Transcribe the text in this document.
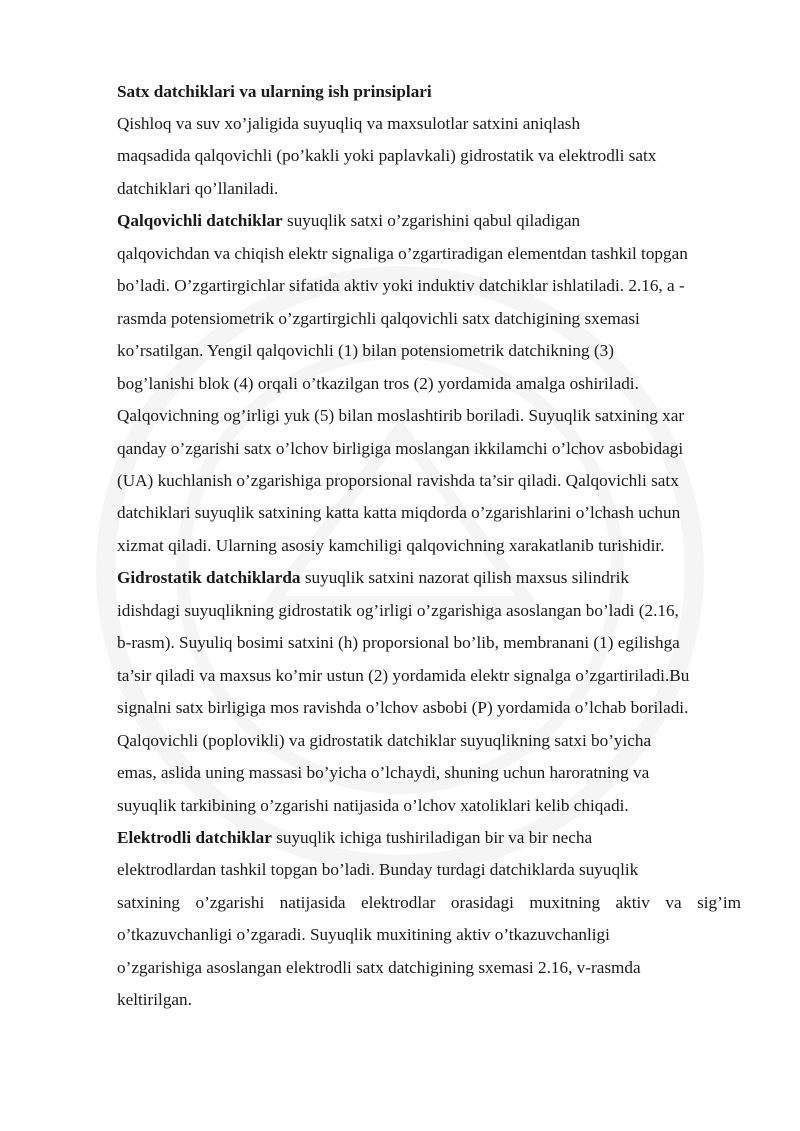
Satx datchiklari va ularning ish prinsiplari
Qishloq va suv xo’jaligida suyuqliq va maxsulotlar satxini aniqlash
maqsadida qalqovichli (po’kakli yoki paplavkali) gidrostatik va elektrodli satx
datchiklari qo’llaniladi.
Qalqovichli datchiklar suyuqlik satxi o’zgarishini qabul qiladigan
qalqovichdan va chiqish elektr signaliga o’zgartiradigan elementdan tashkil topgan
bo’ladi. O’zgartirgichlar sifatida aktiv yoki induktiv datchiklar ishlatiladi. 2.16, a -
rasmda potensiometrik o’zgartirgichli qalqovichli satx datchigining sxemasi
ko’rsatilgan. Yengil qalqovichli (1) bilan potensiometrik datchikning (3)
bog’lanishi blok (4) orqali o’tkazilgan tros (2) yordamida amalga oshiriladi.
Qalqovichning og’irligi yuk (5) bilan moslashtirib boriladi. Suyuqlik satxining xar
qanday o’zgarishi satx o’lchov birligiga moslangan ikkilamchi o’lchov asbobidagi
(UA) kuchlanish o’zgarishiga proporsional ravishda ta’sir qiladi. Qalqovichli satx
datchiklari suyuqlik satxining katta katta miqdorda o’zgarishlarini o’lchash uchun
xizmat qiladi. Ularning asosiy kamchiligi qalqovichning xarakatlanib turishidir.
Gidrostatik datchiklarda suyuqlik satxini nazorat qilish maxsus silindrik
idishdagi suyuqlikning gidrostatik og’irligi o’zgarishiga asoslangan bo’ladi (2.16,
b-rasm). Suyuliq bosimi satxini (h) proporsional bo’lib, membranani (1) egilishga
ta’sir qiladi va maxsus ko’mir ustun (2) yordamida elektr signalga o’zgartiriladi.Bu
signalni satx birligiga mos ravishda o’lchov asbobi (P) yordamida o’lchab boriladi.
Qalqovichli (poplovikli) va gidrostatik datchiklar suyuqlikning satxi bo’yicha
emas, aslida uning massasi bo’yicha o’lchaydi, shuning uchun haroratning va
suyuqlik tarkibining o’zgarishi natijasida o’lchov xatoliklari kelib chiqadi.
Elektrodli datchiklar suyuqlik ichiga tushiriladigan bir va bir necha
elektrodlardan tashkil topgan bo’ladi. Bunday turdagi datchiklarda suyuqlik
satxining o’zgarishi natijasida elektrodlar orasidagi muxitning aktiv va sig’im
o’tkazuvchanligi o’zgaradi. Suyuqlik muxitining aktiv o’tkazuvchanligi
o’zgarishiga asoslangan elektrodli satx datchigining sxemasi 2.16, v-rasmda
keltirilgan.
